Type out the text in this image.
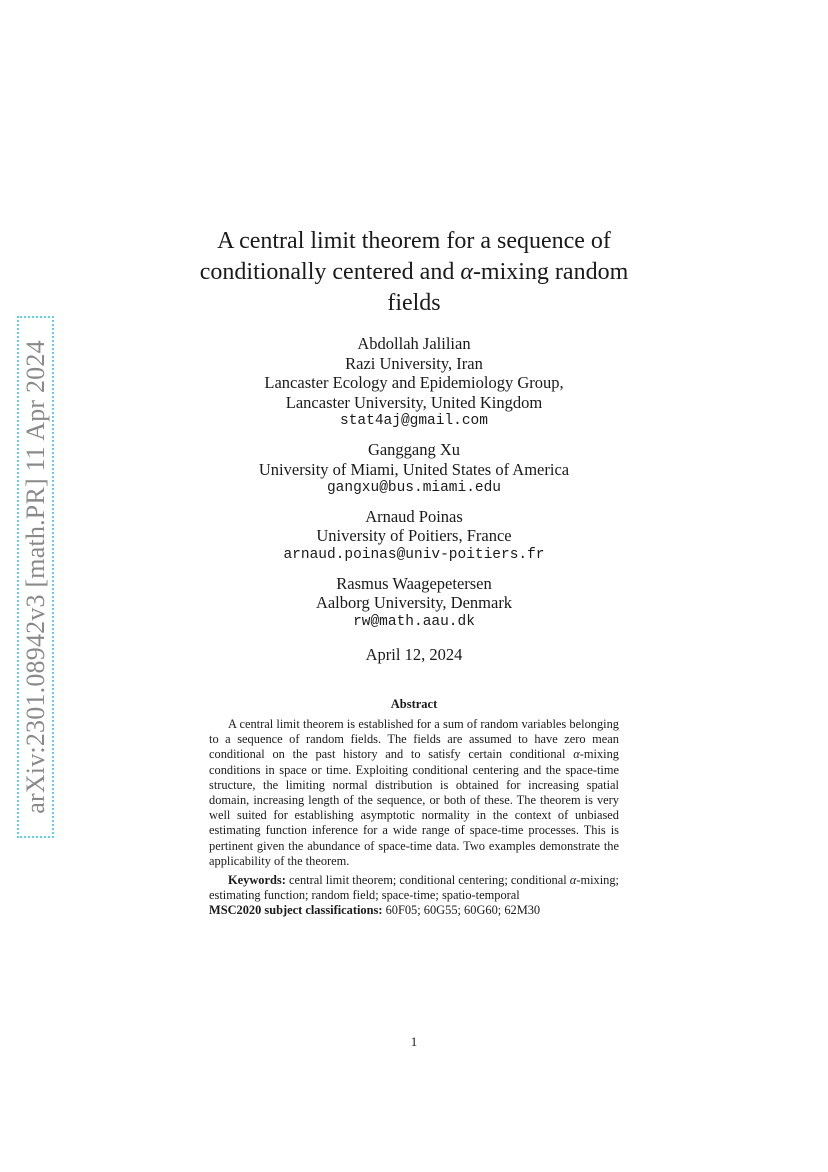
arXiv:2301.08942v3 [math.PR] 11 Apr 2024
A central limit theorem for a sequence of
conditionally centered and α-mixing random
fields
Abdollah Jalilian
Razi University, Iran
Lancaster Ecology and Epidemiology Group,
Lancaster University, United Kingdom
stat4aj@gmail.com
Ganggang Xu
University of Miami, United States of America
gangxu@bus.miami.edu
Arnaud Poinas
University of Poitiers, France
arnaud.poinas@univ-poitiers.fr
Rasmus Waagepetersen
Aalborg University, Denmark
rw@math.aau.dk
April 12, 2024
Abstract

A central limit theorem is established for a sum of random variables belonging to a sequence of random fields. The fields are assumed to have zero mean conditional on the past history and to satisfy certain conditional α-mixing conditions in space or time. Exploiting conditional centering and the space-time structure, the limiting normal distribution is obtained for increasing spatial domain, increasing length of the sequence, or both of these. The theorem is very well suited for establishing asymptotic normality in the context of unbiased estimating function inference for a wide range of space-time processes. This is pertinent given the abundance of space-time data. Two examples demonstrate the applicability of the theorem.

Keywords: central limit theorem; conditional centering; conditional α-mixing; estimating function; random field; space-time; spatio-temporal

MSC2020 subject classifications: 60F05; 60G55; 60G60; 62M30

1
